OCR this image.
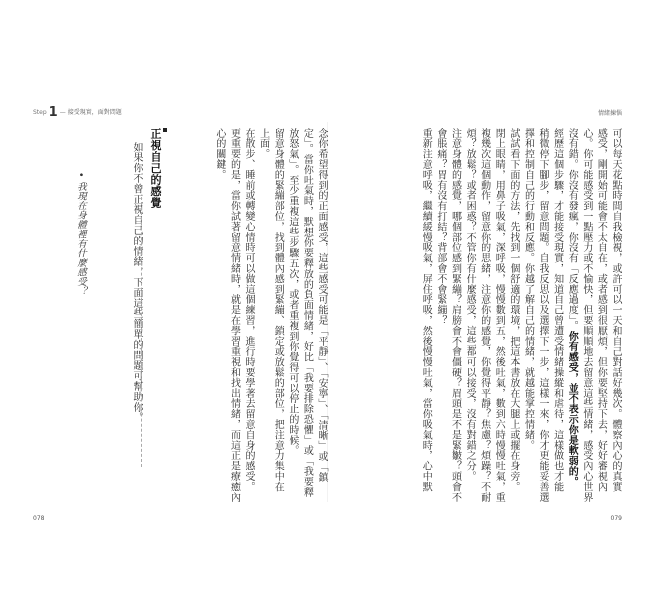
Step 1 — 接受現實，面對問題	情緒揀惱

可以每天花點時間自我檢視，或許可以一天和自己對話好幾次。體察內心的真實

感受，剛開始可能會不太自在，或者感到很厭煩，但你要堅持下去，好好審視內

心。你可能感受到一點壓力或不愉快，但要順順地去留意這些情緒，感受內心世界

沒有錯。你沒有發瘋，你沒有「反應過度」。你有感受，並不表示你是軟弱的。

經歷這個步驟，才能接受現實，知道自己曾遭受情緒操縱和虐待，這樣做也才能

稍微停下腳步，留意問題。自我反思以及選擇下一步，這樣一來，你才更能妥善選

擇和控制自己的行動和反應。你越了解自己的情緒，就越能掌控情緒。

試試看下面的方法，先找到一個舒適的環境，把這本書放在大腿上或擺在身旁。

閉上眼睛，用鼻子吸氣，深呼吸，慢慢數到五，然後吐氣，數到六時慢慢吐氣，重

複幾次這個動作，留意你的思緒，注意你的感覺，你覺得平靜？焦慮？煩躁？不耐

煩？放鬆？或者困惑？不管你有什麼感受，這些都可以接受，沒有對錯之分。

注意身體的感覺，哪個部位感到緊繃？肩膀會不會僵硬？眉頭是不是緊皺？頭會不

會脹痛？胃有沒有打結？背部會不會緊繃？

重新注意呼吸，繼續緩慢吸氣，屏住呼吸，然後慢慢吐氣，當你吸氣時，心中默

念你希望得到的正面感受，這些感受可能是「平靜」、「安寧」、「清晰」或「鎮

定」。當你吐氣時，默想你要釋放的負面情緒，好比「我要排除恐懼」或「我要釋

放怒氣」。至少重複這些步驟五次，或者重複到你覺得可以停止的時候。

留意身體的緊繃部位，找到體內感到緊繃、鎖定或放鬆的部位，把注意力集中在

上面。

在散步、睡前或轉變心情時可以做這個練習，進行時要學著去留意自身的感受。

更重要的是，當你試著留意情緒時，就是在學習重視和找出情緒，而這正是療癒內

心的關鍵。

正視自己的感覺

如果你不曾正視自己的情緒，下面這些簡單的問題可幫助你。

• 我現在身體裡有什麼感受？
078	079
